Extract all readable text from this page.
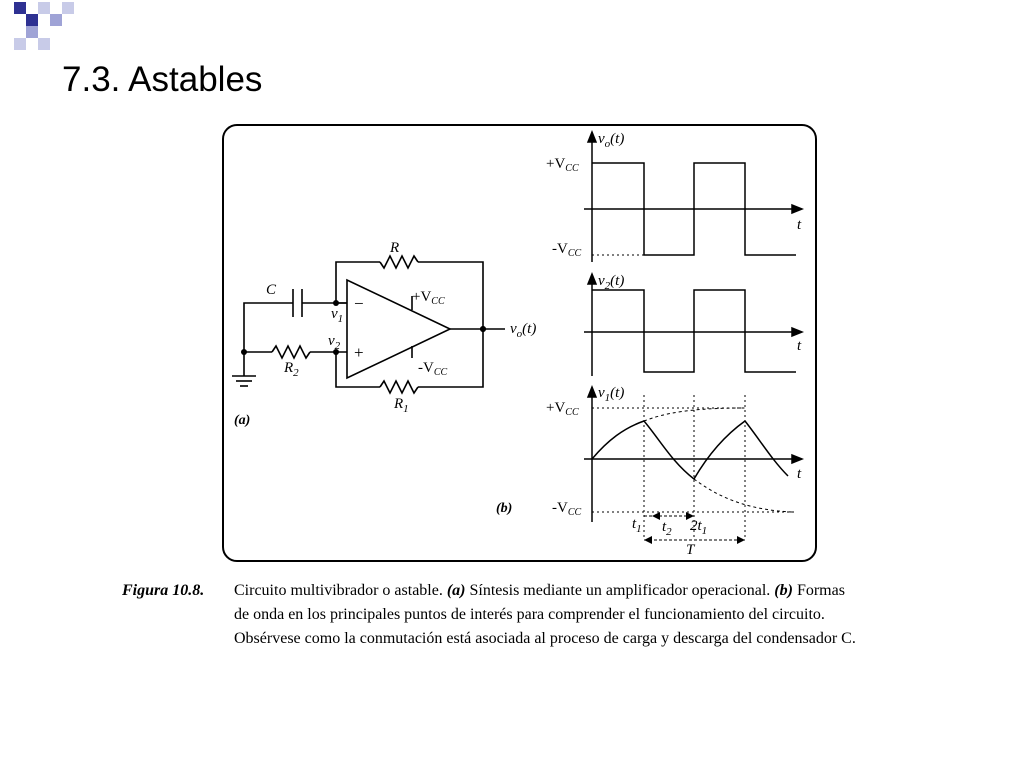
7.3. Astables
R
C
$R_2$
$R_1$
$v_1$
$v_2$
$+V_{CC}$
$-V_{CC}$
$v_o(t)$
−
+
(a)
$v_o(t)$
$+V_{CC}$
$-V_{CC}$
t
$v_2(t)$
t
$v_1(t)$
$+V_{CC}$
$-V_{CC}$
t
$t_1$ $t_2$ $2t_1$
T
(b)
Figura 10.8. Circuito multivibrador o astable. (a) Síntesis mediante un amplificador operacional. (b) Formas
de onda en los principales puntos de interés para comprender el funcionamiento del circuito.
Obsérvese como la conmutación está asociada al proceso de carga y descarga del condensador C.
